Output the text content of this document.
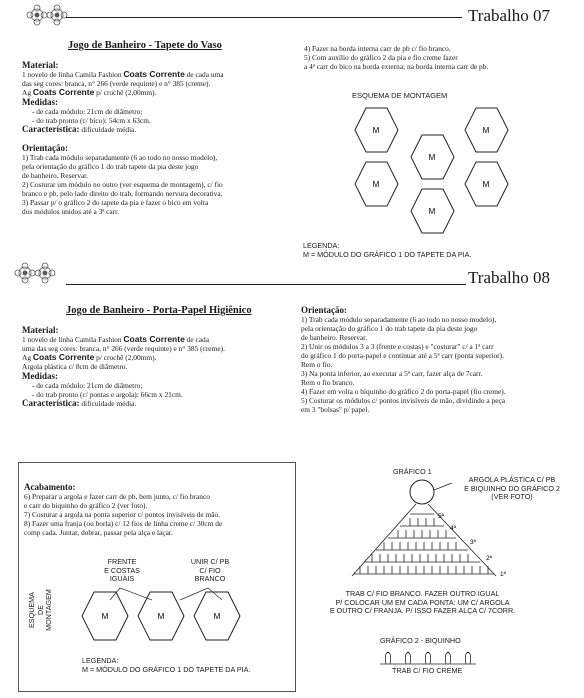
Trabalho 07
Jogo de Banheiro - Tapete do Vaso
Material:

1 novelo de linha Camila Fashion Coats Corrente de cada uma

das seg cores: branca, n° 266 (verde requinte) e n° 385 (creme).

Ag Coats Corrente p/ crochê (2,00mm).

Medidas:

- de cada módulo: 21cm de diâmetro;

- do trab pronto (c/ bico): 54cm x 63cm.

Característica: dificuldade média.
Orientação:

1) Trab cada módulo separadamente (6 ao todo no nosso modelo),

pela orientação do gráfico 1 do trab tapete da pia deste jogo

de banheiro. Reservar.

2) Costurar um módulo no outro (ver esquema de montagem), c/ fio

branco e pb, pelo lado direito do trab, formando nervura decorativa.

3) Passar p/ o gráfico 2 do tapete da pia e fazer o bico em volta

dos módulos unidos até a 3ª carr.

4) Fazer na borda interna carr de pb c/ fio branco.

5) Com auxílio do gráfico 2 da pia e fio creme fazer

a 4ª carr do bico na borda externa; na borda interna carr de pb.

ESQUEMA DE MONTAGEM
M	M
M
M	M
M
LEGENDA:
M = MÓDULO DO GRÁFICO 1 DO TAPETE DA PIA.
Trabalho 08
Jogo de Banheiro - Porta-Papel Higiênico
Material:

1 novelo de linha Camila Fashion Coats Corrente de cada

uma das seg cores: branca, n° 266 (verde requinte) e n° 385 (creme).

Ag Coats Corrente p/ crochê (2,00mm).

Argola plástica c/ 8cm de diâmetro.

Medidas:

- de cada módulo: 21cm de diâmetro;

- do trab pronto (c/ pontas e argola): 66cm x 21cm.

Característica: dificuldade média.
Orientação:

1) Trab cada módulo separadamente (6 ao todo no nosso modelo),

pela orientação do gráfico 1 do trab tapete da pia deste jogo

de banheiro. Reservar.

2) Unir os módulos 3 a 3 (frente e costas) e "costurar" c/ a 1ª carr

do gráfico 1 do porta-papel e continuar até a 5ª carr (ponta superior).

Rem o fio.

3) Na ponta inferior, ao executar a 5ª carr, fazer alça de 7carr.

Rem o fio branco.

4) Fazer em volta o biquinho do gráfico 2 do porta-papel (fio creme).

5) Costurar os módulos c/ pontos invisíveis de mão, dividindo a peça

em 3 "bolsas" p/ papel.

Acabamento:

6) Preparar a argola e fazer carr de pb, bem junto, c/ fio branco

e carr do biquinho do gráfico 2 (ver foto).

7) Costurar a argola na ponta superior c/ pontos invisíveis de mão.

8) Fazer uma franja (ou borla) c/ 12 fios de linha creme c/ 30cm de

comp cada. Juntar, dobrar, passar pela alça e laçar.

FRENTE
E COSTAS
IGUAIS
UNIR C/ PB
C/ FIO
BRANCO
ESQUEMA DE MONTAGEM	M	M	M
LEGENDA:
M = MÓDULO DO GRÁFICO 1 DO TAPETE DA PIA.
GRÁFICO 1
ARGOLA PLÁSTICA C/ PB
E BIQUINHO DO GRÁFICO 2
(VER FOTO)
5ª
4ª
3ª
2ª
1ª
TRAB C/ FIO BRANCO. FAZER OUTRO IGUAL
P/ COLOCAR UM EM CADA PONTA: UM C/ ARGOLA
E OUTRO C/ FRANJA. P/ ISSO FAZER ALÇA C/ 7CORR.
GRÁFICO 2 - BIQUINHO
TRAB C/ FIO CREME
